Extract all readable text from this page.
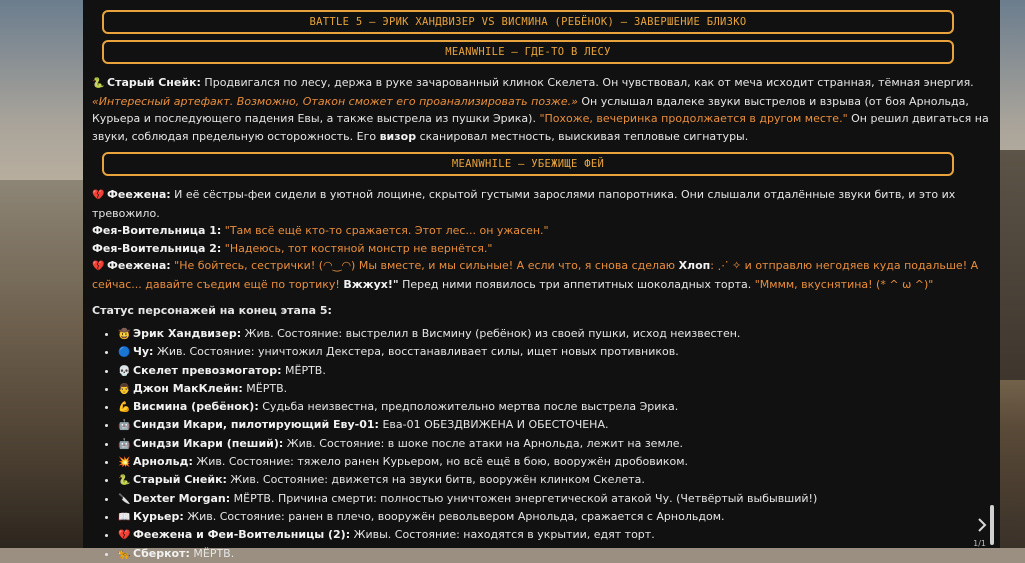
BATTLE 5 – ЭРИК ХАНДВИЗЕР VS ВИСМИНА (РЕБЁНОК) – ЗАВЕРШЕНИЕ БЛИЗКО
MEANWHILE – ГДЕ-ТО В ЛЕСУ

🐍 Старый Снейк: Продвигался по лесу, держа в руке зачарованный клинок Скелета. Он чувствовал, как от меча исходит странная, тёмная энергия. «Интересный артефакт. Возможно, Отакон сможет его проанализировать позже.» Он услышал вдалеке звуки выстрелов и взрыва (от боя Арнольда, Курьера и последующего падения Евы, а также выстрела из пушки Эрика). "Похоже, вечеринка продолжается в другом месте." Он решил двигаться на звуки, соблюдая предельную осторожность. Его визор сканировал местность, выискивая тепловые сигнатуры.

MEANWHILE – УБЕЖИЩЕ ФЕЙ

💔 Феежена: И её сёстры-феи сидели в уютной лощине, скрытой густыми зарослями папоротника. Они слышали отдалённые звуки битв, и это их тревожило.

Фея-Воительница 1: "Там всё ещё кто-то сражается. Этот лес... он ужасен."

Фея-Воительница 2: "Надеюсь, тот костяной монстр не вернётся."

💔 Феежена: "Не бойтесь, сестрички! (◠‿◠) Мы вместе, и мы сильные! А если что, я снова сделаю Хлоп: ⋰ ✧ и отправлю негодяев куда подальше! А сейчас... давайте съедим ещё по тортику! Вжжух!" Перед ними появилось три аппетитных шоколадных торта. "Мммм, вкуснятина! (* ^ ω ^)"

Статус персонажей на конец этапа 5:

• 🤠 Эрик Хандвизер: Жив. Состояние: выстрелил в Висмину (ребёнок) из своей пушки, исход неизвестен.
• 🔵 Чу: Жив. Состояние: уничтожил Декстера, восстанавливает силы, ищет новых противников.
• 💀 Скелет превозмогатор: МЁРТВ.
• 👨 Джон МакКлейн: МЁРТВ.
• 💪 Висмина (ребёнок): Судьба неизвестна, предположительно мертва после выстрела Эрика.
• 🤖 Синдзи Икари, пилотирующий Еву-01: Ева-01 ОБЕЗДВИЖЕНА И ОБЕСТОЧЕНА.
• 🤖 Синдзи Икари (пеший): Жив. Состояние: в шоке после атаки на Арнольда, лежит на земле.
• 💥 Арнольд: Жив. Состояние: тяжело ранен Курьером, но всё ещё в бою, вооружён дробовиком.
• 🐍 Старый Снейк: Жив. Состояние: движется на звуки битв, вооружён клинком Скелета.
• 🔪 Dexter Morgan: МЁРТВ. Причина смерти: полностью уничтожен энергетической атакой Чу. (Четвёртый выбывший!)
• 📖 Курьер: Жив. Состояние: ранен в плечо, вооружён револьвером Арнольда, сражается с Арнольдом.
• 💔 Феежена и Феи-Воительницы (2): Живы. Состояние: находятся в укрытии, едят торт.
• 🐆 Сберкот: МЁРТВ.
1/1
